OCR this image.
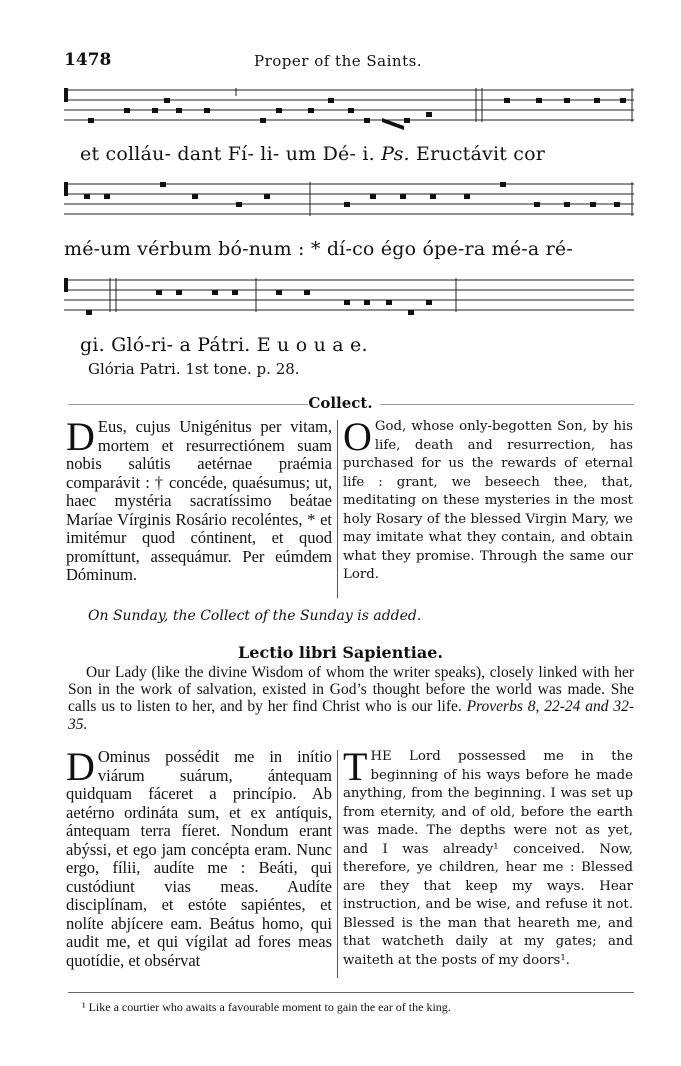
1478	Proper of the Saints.
et colláu- dant Fí- li- um Dé- i. Ps. Eructávit cor
mé-um vérbum bó-num : * dí-co égo ópe-ra mé-a ré-
gi. Gló-ri- a Pátri. E u o u a e.
Glória Patri. 1st tone. p. 28.
Collect.
D Eus, cujus Unigénitus per vitam, mortem et resurrectiónem suam nobis salútis aetérnae praémia comparávit : † concéde, quaésumus; ut, haec mystéria sacratíssimo beátae Maríae Vírginis Rosário recoléntes, * et imitémur quod cóntinent, et quod promíttunt, assequámur. Per eúmdem Dóminum.
O God, whose only-begotten Son, by his life, death and resurrection, has purchased for us the rewards of eternal life : grant, we beseech thee, that, meditating on these mysteries in the most holy Rosary of the blessed Virgin Mary, we may imitate what they contain, and obtain what they promise. Through the same our Lord.
On Sunday, the Collect of the Sunday is added.
Lectio libri Sapientiae.
Our Lady (like the divine Wisdom of whom the writer speaks), closely linked with her Son in the work of salvation, existed in God’s thought before the world was made. She calls us to listen to her, and by her find Christ who is our life. Proverbs 8, 22-24 and 32-35.
D Ominus possédit me in inítio viárum suárum, ántequam quidquam fáceret a princípio. Ab aetérno ordináta sum, et ex antíquis, ántequam terra fíeret. Nondum erant abýssi, et ego jam concépta eram. Nunc ergo, fílii, audíte me : Beáti, qui custódiunt vias meas. Audíte disciplínam, et estóte sapiéntes, et nolíte abjícere eam. Beátus homo, qui audit me, et qui vígilat ad fores meas quotídie, et obsérvat
THE Lord possessed me in the beginning of his ways before he made anything, from the beginning. I was set up from eternity, and of old, before the earth was made. The depths were not as yet, and I was already¹ conceived. Now, therefore, ye children, hear me : Blessed are they that keep my ways. Hear instruction, and be wise, and refuse it not. Blessed is the man that heareth me, and that watcheth daily at my gates; and waiteth at the posts of my doors¹.
¹ Like a courtier who awaits a favourable moment to gain the ear of the king.
